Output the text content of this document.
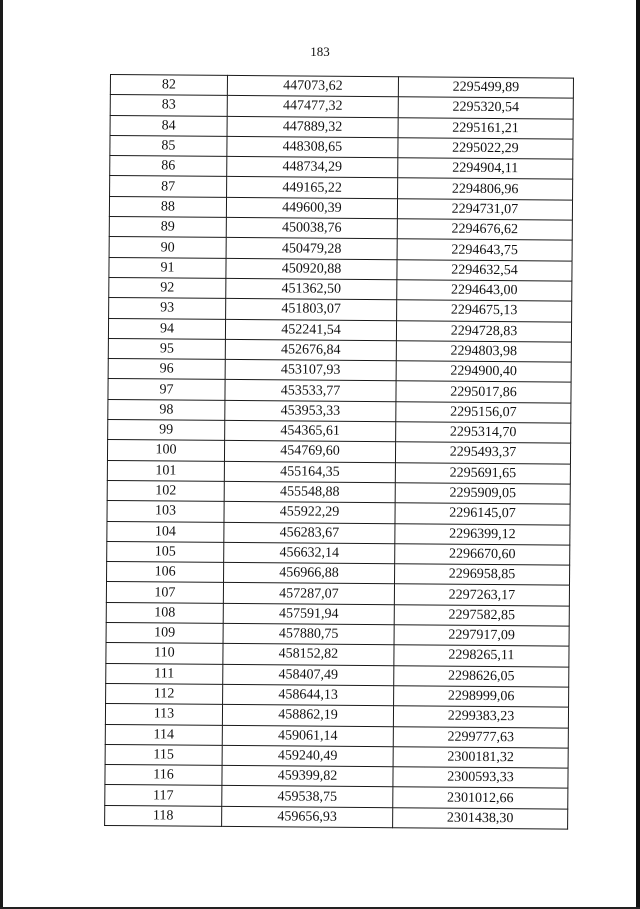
183
82	447073,62	2295499,89
83	447477,32	2295320,54
84	447889,32	2295161,21
85	448308,65	2295022,29
86	448734,29	2294904,11
87	449165,22	2294806,96
88	449600,39	2294731,07
89	450038,76	2294676,62
90	450479,28	2294643,75
91	450920,88	2294632,54
92	451362,50	2294643,00
93	451803,07	2294675,13
94	452241,54	2294728,83
95	452676,84	2294803,98
96	453107,93	2294900,40
97	453533,77	2295017,86
98	453953,33	2295156,07
99	454365,61	2295314,70
100	454769,60	2295493,37
101	455164,35	2295691,65
102	455548,88	2295909,05
103	455922,29	2296145,07
104	456283,67	2296399,12
105	456632,14	2296670,60
106	456966,88	2296958,85
107	457287,07	2297263,17
108	457591,94	2297582,85
109	457880,75	2297917,09
110	458152,82	2298265,11
111	458407,49	2298626,05
112	458644,13	2298999,06
113	458862,19	2299383,23
114	459061,14	2299777,63
115	459240,49	2300181,32
116	459399,82	2300593,33
117	459538,75	2301012,66
118	459656,93	2301438,30
